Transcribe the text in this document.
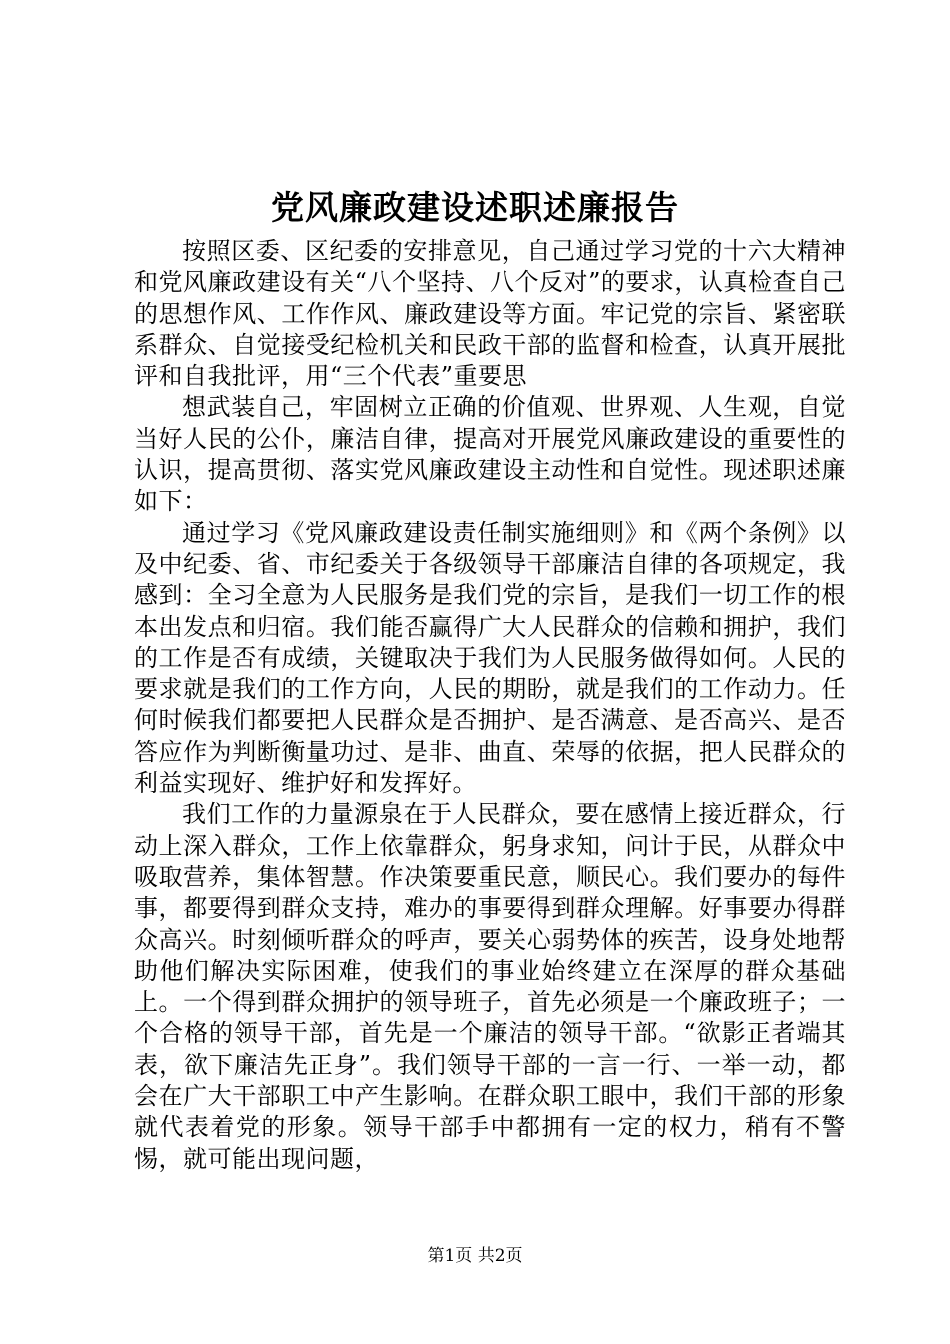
党风廉政建设述职述廉报告

按照区委、区纪委的安排意见，自己通过学习党的十六大精神和党风廉政建设有关“八个坚持、八个反对”的要求，认真检查自己的思想作风、工作作风、廉政建设等方面。牢记党的宗旨、紧密联系群众、自觉接受纪检机关和民政干部的监督和检查，认真开展批评和自我批评，用“三个代表”重要思

想武装自己，牢固树立正确的价值观、世界观、人生观，自觉当好人民的公仆，廉洁自律，提高对开展党风廉政建设的重要性的认识，提高贯彻、落实党风廉政建设主动性和自觉性。现述职述廉如下：

通过学习《党风廉政建设责任制实施细则》和《两个条例》以及中纪委、省、市纪委关于各级领导干部廉洁自律的各项规定，我感到：全习全意为人民服务是我们党的宗旨，是我们一切工作的根本出发点和归宿。我们能否赢得广大人民群众的信赖和拥护，我们的工作是否有成绩，关键取决于我们为人民服务做得如何。人民的要求就是我们的工作方向，人民的期盼，就是我们的工作动力。任何时候我们都要把人民群众是否拥护、是否满意、是否高兴、是否答应作为判断衡量功过、是非、曲直、荣辱的依据，把人民群众的利益实现好、维护好和发挥好。

我们工作的力量源泉在于人民群众，要在感情上接近群众，行动上深入群众，工作上依靠群众，躬身求知，问计于民，从群众中吸取营养，集体智慧。作决策要重民意，顺民心。我们要办的每件事，都要得到群众支持，难办的事要得到群众理解。好事要办得群众高兴。时刻倾听群众的呼声，要关心弱势体的疾苦，设身处地帮助他们解决实际困难，使我们的事业始终建立在深厚的群众基础上。一个得到群众拥护的领导班子，首先必须是一个廉政班子；一个合格的领导干部，首先是一个廉洁的领导干部。“欲影正者端其表，欲下廉洁先正身”。我们领导干部的一言一行、一举一动，都会在广大干部职工中产生影响。在群众职工眼中，我们干部的形象就代表着党的形象。领导干部手中都拥有一定的权力，稍有不警惕，就可能出现问题，

第1页 共2页
